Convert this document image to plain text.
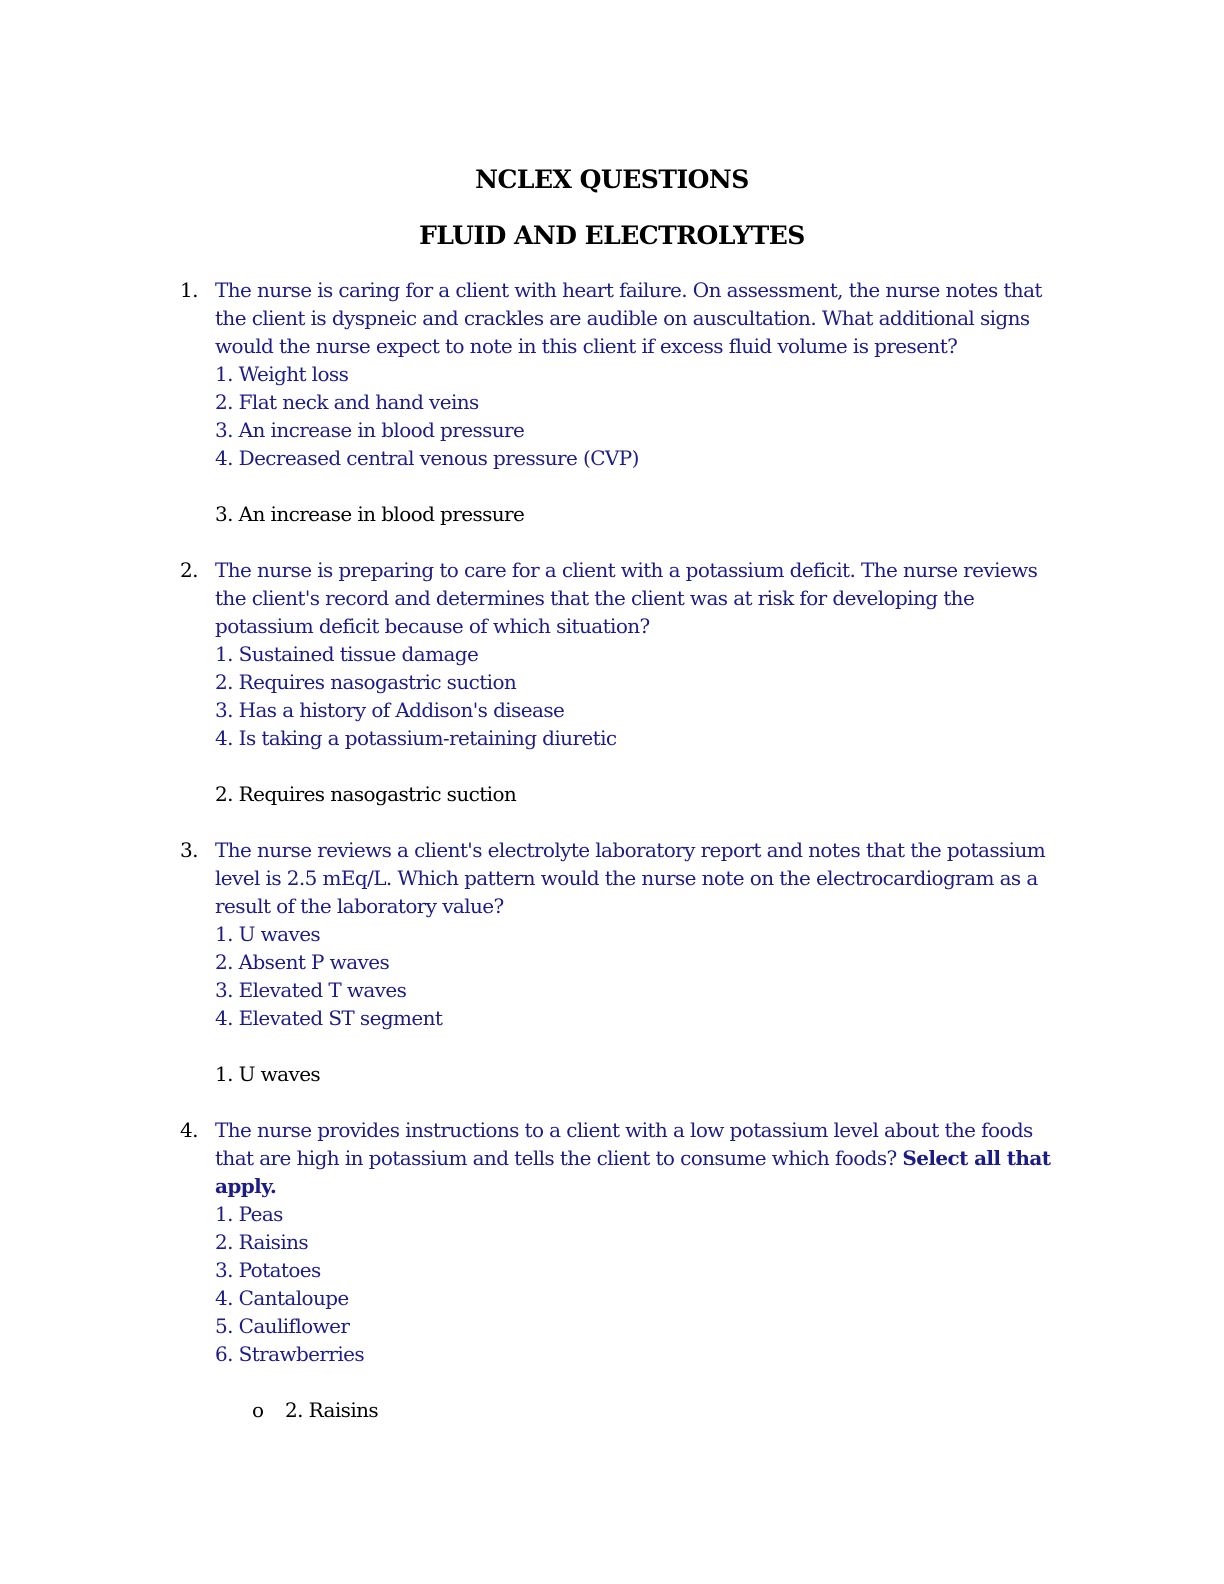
NCLEX QUESTIONS
FLUID AND ELECTROLYTES
1. The nurse is caring for a client with heart failure. On assessment, the nurse notes that the client is dyspneic and crackles are audible on auscultation. What additional signs would the nurse expect to note in this client if excess fluid volume is present?
1. Weight loss
2. Flat neck and hand veins
3. An increase in blood pressure
4. Decreased central venous pressure (CVP)
3. An increase in blood pressure
2. The nurse is preparing to care for a client with a potassium deficit. The nurse reviews the client's record and determines that the client was at risk for developing the potassium deficit because of which situation?
1. Sustained tissue damage
2. Requires nasogastric suction
3. Has a history of Addison's disease
4. Is taking a potassium-retaining diuretic
2. Requires nasogastric suction
3. The nurse reviews a client's electrolyte laboratory report and notes that the potassium level is 2.5 mEq/L. Which pattern would the nurse note on the electrocardiogram as a result of the laboratory value?
1. U waves
2. Absent P waves
3. Elevated T waves
4. Elevated ST segment
1. U waves
4. The nurse provides instructions to a client with a low potassium level about the foods that are high in potassium and tells the client to consume which foods? Select all that apply.
1. Peas
2. Raisins
3. Potatoes
4. Cantaloupe
5. Cauliflower
6. Strawberries
o	2. Raisins
